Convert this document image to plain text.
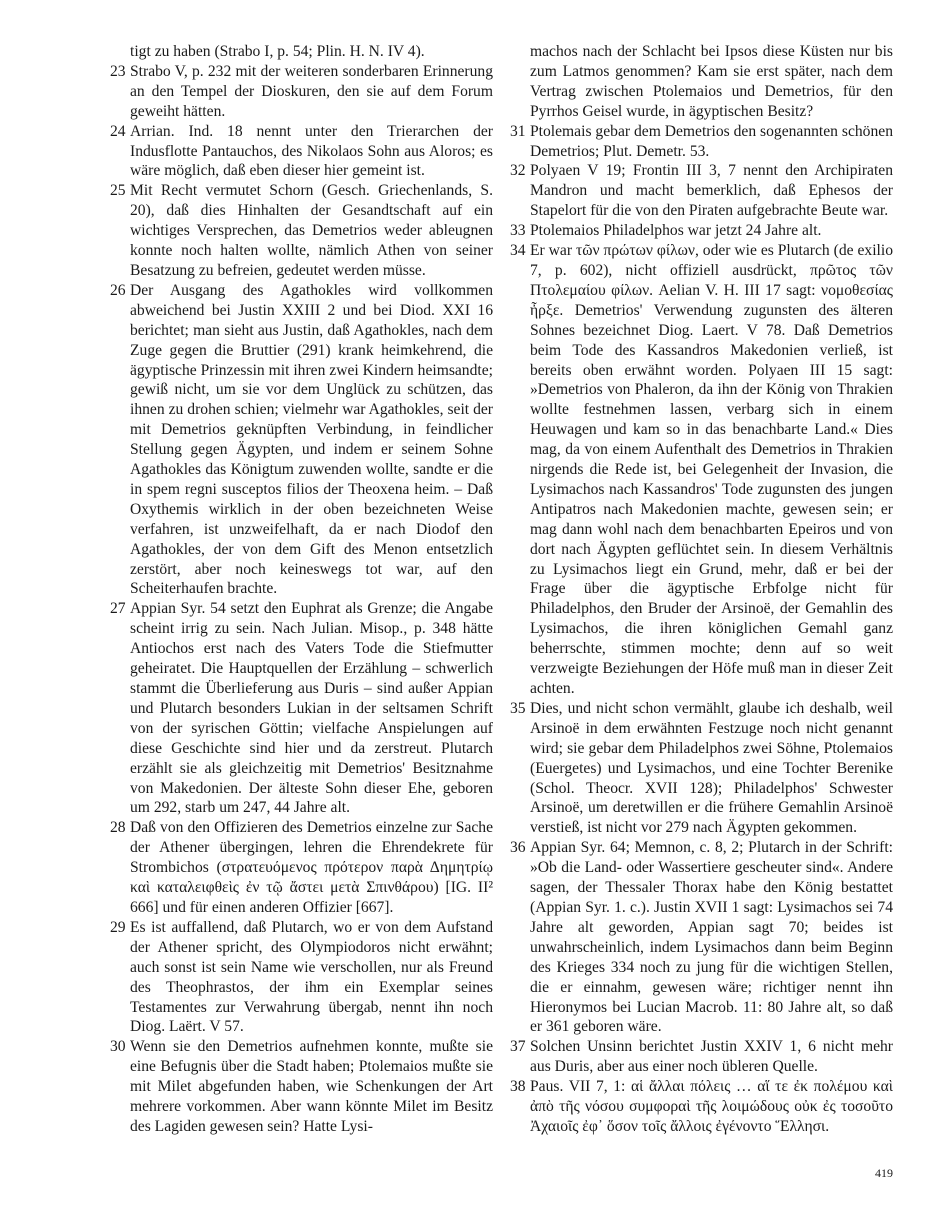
tigt zu haben (Strabo I, p. 54; Plin. H. N. IV 4).

23 Strabo V, p. 232 mit der weiteren sonderbaren Erinnerung an den Tempel der Dioskuren, den sie auf dem Forum geweiht hätten.

24 Arrian. Ind. 18 nennt unter den Trierarchen der Indusflotte Pantauchos, des Nikolaos Sohn aus Aloros; es wäre möglich, daß eben dieser hier gemeint ist.

25 Mit Recht vermutet Schorn (Gesch. Griechenlands, S. 20), daß dies Hinhalten der Gesandtschaft auf ein wichtiges Versprechen, das Demetrios weder ableugnen konnte noch halten wollte, nämlich Athen von seiner Besatzung zu befreien, gedeutet werden müsse.

26 Der Ausgang des Agathokles wird vollkommen abweichend bei Justin XXIII 2 und bei Diod. XXI 16 berichtet; man sieht aus Justin, daß Agathokles, nach dem Zuge gegen die Bruttier (291) krank heimkehrend, die ägyptische Prinzessin mit ihren zwei Kindern heimsandte; gewiß nicht, um sie vor dem Unglück zu schützen, das ihnen zu drohen schien; vielmehr war Agathokles, seit der mit Demetrios geknüpften Verbindung, in feindlicher Stellung gegen Ägypten, und indem er seinem Sohne Agathokles das Königtum zuwenden wollte, sandte er die in spem regni susceptos filios der Theoxena heim. – Daß Oxythemis wirklich in der oben bezeichneten Weise verfahren, ist unzweifelhaft, da er nach Diodof den Agathokles, der von dem Gift des Menon entsetzlich zerstört, aber noch keineswegs tot war, auf den Scheiterhaufen brachte.

27 Appian Syr. 54 setzt den Euphrat als Grenze; die Angabe scheint irrig zu sein. Nach Julian. Misop., p. 348 hätte Antiochos erst nach des Vaters Tode die Stiefmutter geheiratet. Die Hauptquellen der Erzählung – schwerlich stammt die Überlieferung aus Duris – sind außer Appian und Plutarch besonders Lukian in der seltsamen Schrift von der syrischen Göttin; vielfache Anspielungen auf diese Geschichte sind hier und da zerstreut. Plutarch erzählt sie als gleichzeitig mit Demetrios' Besitznahme von Makedonien. Der älteste Sohn dieser Ehe, geboren um 292, starb um 247, 44 Jahre alt.

28 Daß von den Offizieren des Demetrios einzelne zur Sache der Athener übergingen, lehren die Ehrendekrete für Strombichos (στρατευόμενος πρότερον παρὰ Δημητρίῳ καὶ καταλειφθεὶς ἐν τῷ ἄστει μετὰ Σπινθάρου) [IG. II² 666] und für einen anderen Offizier [667].

29 Es ist auffallend, daß Plutarch, wo er von dem Aufstand der Athener spricht, des Olympiodoros nicht erwähnt; auch sonst ist sein Name wie verschollen, nur als Freund des Theophrastos, der ihm ein Exemplar seines Testamentes zur Verwahrung übergab, nennt ihn noch Diog. Laërt. V 57.

30 Wenn sie den Demetrios aufnehmen konnte, mußte sie eine Befugnis über die Stadt haben; Ptolemaios mußte sie mit Milet abgefunden haben, wie Schenkungen der Art mehrere vorkommen. Aber wann könnte Milet im Besitz des Lagiden gewesen sein? Hatte Lysi-

machos nach der Schlacht bei Ipsos diese Küsten nur bis zum Latmos genommen? Kam sie erst später, nach dem Vertrag zwischen Ptolemaios und Demetrios, für den Pyrrhos Geisel wurde, in ägyptischen Besitz?

31 Ptolemais gebar dem Demetrios den sogenannten schönen Demetrios; Plut. Demetr. 53.

32 Polyaen V 19; Frontin III 3, 7 nennt den Archipiraten Mandron und macht bemerklich, daß Ephesos der Stapelort für die von den Piraten aufgebrachte Beute war.

33 Ptolemaios Philadelphos war jetzt 24 Jahre alt.

34 Er war τῶν πρώτων φίλων, oder wie es Plutarch (de exilio 7, p. 602), nicht offiziell ausdrückt, πρῶτος τῶν Πτολεμαίου φίλων. Aelian V. H. III 17 sagt: νομοθεσίας ἦρξε. Demetrios' Verwendung zugunsten des älteren Sohnes bezeichnet Diog. Laert. V 78. Daß Demetrios beim Tode des Kassandros Makedonien verließ, ist bereits oben erwähnt worden. Polyaen III 15 sagt: »Demetrios von Phaleron, da ihn der König von Thrakien wollte festnehmen lassen, verbarg sich in einem Heuwagen und kam so in das benachbarte Land.« Dies mag, da von einem Aufenthalt des Demetrios in Thrakien nirgends die Rede ist, bei Gelegenheit der Invasion, die Lysimachos nach Kassandros' Tode zugunsten des jungen Antipatros nach Makedonien machte, gewesen sein; er mag dann wohl nach dem benachbarten Epeiros und von dort nach Ägypten geflüchtet sein. In diesem Verhältnis zu Lysimachos liegt ein Grund, mehr, daß er bei der Frage über die ägyptische Erbfolge nicht für Philadelphos, den Bruder der Arsinoë, der Gemahlin des Lysimachos, die ihren königlichen Gemahl ganz beherrschte, stimmen mochte; denn auf so weit verzweigte Beziehungen der Höfe muß man in dieser Zeit achten.

35 Dies, und nicht schon vermählt, glaube ich deshalb, weil Arsinoë in dem erwähnten Festzuge noch nicht genannt wird; sie gebar dem Philadelphos zwei Söhne, Ptolemaios (Euergetes) und Lysimachos, und eine Tochter Berenike (Schol. Theocr. XVII 128); Philadelphos' Schwester Arsinoë, um deretwillen er die frühere Gemahlin Arsinoë verstieß, ist nicht vor 279 nach Ägypten gekommen.

36 Appian Syr. 64; Memnon, c. 8, 2; Plutarch in der Schrift: »Ob die Land- oder Wassertiere gescheuter sind«. Andere sagen, der Thessaler Thorax habe den König bestattet (Appian Syr. 1. c.). Justin XVII 1 sagt: Lysimachos sei 74 Jahre alt geworden, Appian sagt 70; beides ist unwahrscheinlich, indem Lysimachos dann beim Beginn des Krieges 334 noch zu jung für die wichtigen Stellen, die er einnahm, gewesen wäre; richtiger nennt ihn Hieronymos bei Lucian Macrob. 11: 80 Jahre alt, so daß er 361 geboren wäre.

37 Solchen Unsinn berichtet Justin XXIV 1, 6 nicht mehr aus Duris, aber aus einer noch übleren Quelle.

38 Paus. VII 7, 1: αἱ ἄλλαι πόλεις … αἵ τε ἐκ πολέμου καὶ ἀπὸ τῆς νόσου συμφοραὶ τῆς λοιμώδους οὐκ ἐς τοσοῦτο Ἀχαιοῖς ἐφ᾽ ὅσον τοῖς ἄλλοις ἐγένοντο Ἕλλησι.

419
